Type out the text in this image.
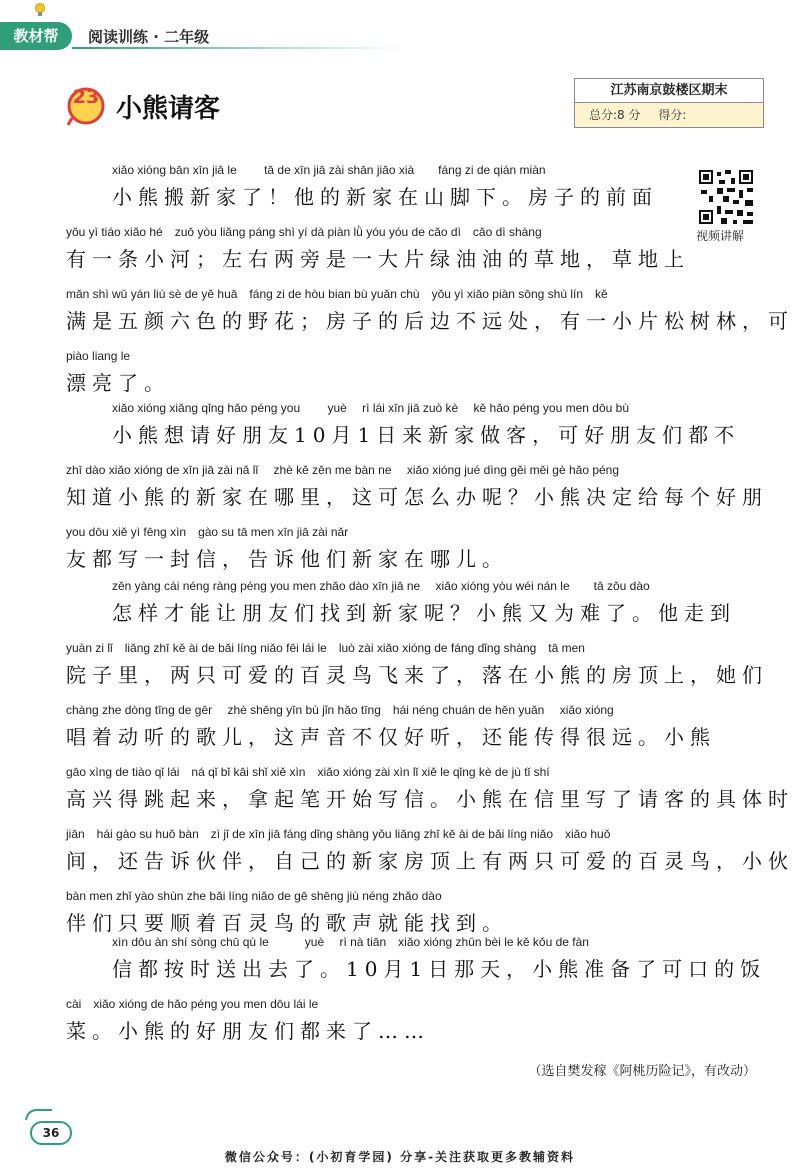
教材帮	阅读训练 · 二年级
23 小熊请客
江苏南京鼓楼区期末
总分:8 分 得分:
视频讲解
xiǎo xióng bān xīn jiā le　　 tā de xīn jiā zài shān jiǎo xià　　fáng zi de qián miàn
小熊搬新家了！他的新家在山脚下。房子的前面
yǒu yì tiáo xiǎo hé　zuǒ yòu liǎng páng shì yí dà piàn lǜ yóu yóu de cǎo dì　cǎo dì shàng
有一条小河；左右两旁是一大片绿油油的草地，草地上
mǎn shì wǔ yán liù sè de yě huā　fáng zi de hòu bian bù yuǎn chù　yǒu yì xiǎo piàn sōng shù lín　kě
满是五颜六色的野花；房子的后边不远处，有一小片松树林，可
piào liang le
漂亮了。
xiǎo xióng xiǎng qǐng hǎo péng you　　 yuè　 rì lái xīn jiā zuò kè　 kě hǎo péng you men dōu bù
小熊想请好朋友10月1日来新家做客，可好朋友们都不
zhī dào xiǎo xióng de xīn jiā zài nǎ lǐ　 zhè kě zěn me bàn ne　 xiǎo xióng jué dìng gěi měi gè hǎo péng
知道小熊的新家在哪里，这可怎么办呢？小熊决定给每个好朋
you dōu xiě yì fēng xìn　gào su tā men xīn jiā zài nǎr
友都写一封信，告诉他们新家在哪儿。
zěn yàng cái néng ràng péng you men zhǎo dào xīn jiā ne　 xiǎo xióng yòu wéi nán le　　tā zǒu dào
怎样才能让朋友们找到新家呢？小熊又为难了。他走到
yuàn zi lǐ　liǎng zhī kě ài de bǎi líng niǎo fēi lái le　luò zài xiǎo xióng de fáng dǐng shàng　tā men
院子里，两只可爱的百灵鸟飞来了，落在小熊的房顶上，她们
chàng zhe dòng tīng de gēr　 zhè shēng yīn bù jǐn hǎo tīng　hái néng chuán de hěn yuǎn　 xiǎo xióng
唱着动听的歌儿，这声音不仅好听，还能传得很远。小熊
gāo xìng de tiào qǐ lái　ná qǐ bǐ kāi shǐ xiě xìn　xiǎo xióng zài xìn lǐ xiě le qǐng kè de jù tǐ shí
高兴得跳起来，拿起笔开始写信。小熊在信里写了请客的具体时
jiān　hái gào su huǒ bàn　zì jǐ de xīn jiā fáng dǐng shàng yǒu liǎng zhī kě ài de bǎi líng niǎo　xiǎo huǒ
间，还告诉伙伴，自己的新家房顶上有两只可爱的百灵鸟，小伙
bàn men zhǐ yào shùn zhe bǎi líng niǎo de gē shēng jiù néng zhǎo dào
伴们只要顺着百灵鸟的歌声就能找到。
xìn dōu àn shí sòng chū qù le　　　yuè　 rì nà tiān　xiǎo xióng zhǔn bèi le kě kǒu de fàn
信都按时送出去了。10月1日那天，小熊准备了可口的饭
cài　xiǎo xióng de hǎo péng you men dōu lái le
菜。小熊的好朋友们都来了……
（选自樊发稼《阿桃历险记》，有改动）
36
微信公众号：(小初育学园) 分享-关注获取更多教辅资料
